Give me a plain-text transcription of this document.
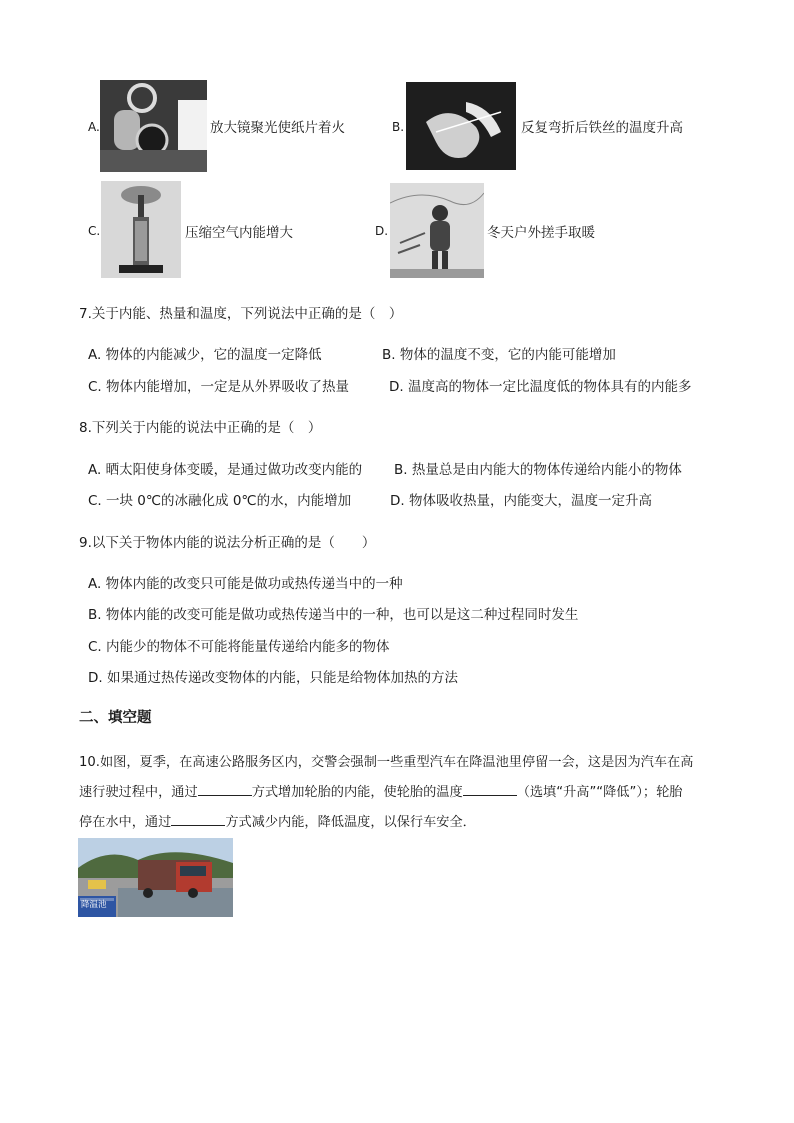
A.	放大镜聚光使纸片着火	B.	反复弯折后铁丝的温度升高
C.	压缩空气内能增大	D.	冬天户外搓手取暖
7.关于内能、热量和温度，下列说法中正确的是（　）
A. 物体的内能减少，它的温度一定降低	B. 物体的温度不变，它的内能可能增加
C. 物体内能增加，一定是从外界吸收了热量	D. 温度高的物体一定比温度低的物体具有的内能多
8.下列关于内能的说法中正确的是（　）
A. 晒太阳使身体变暖，是通过做功改变内能的 B. 热量总是由内能大的物体传递给内能小的物体
C. 一块 0℃的冰融化成 0℃的水，内能增加	D. 物体吸收热量，内能变大，温度一定升高
9.以下关于物体内能的说法分析正确的是（　　）
A. 物体内能的改变只可能是做功或热传递当中的一种
B. 物体内能的改变可能是做功或热传递当中的一种，也可以是这二种过程同时发生
C. 内能少的物体不可能将能量传递给内能多的物体
D. 如果通过热传递改变物体的内能，只能是给物体加热的方法
二、填空题
10.如图，夏季，在高速公路服务区内，交警会强制一些重型汽车在降温池里停留一会，这是因为汽车在高
速行驶过程中，通过	方式增加轮胎的内能，使轮胎的温度	（选填“升高”“降低”）；轮胎
停在水中，通过	方式减少内能，降低温度，以保行车安全．
降温池
